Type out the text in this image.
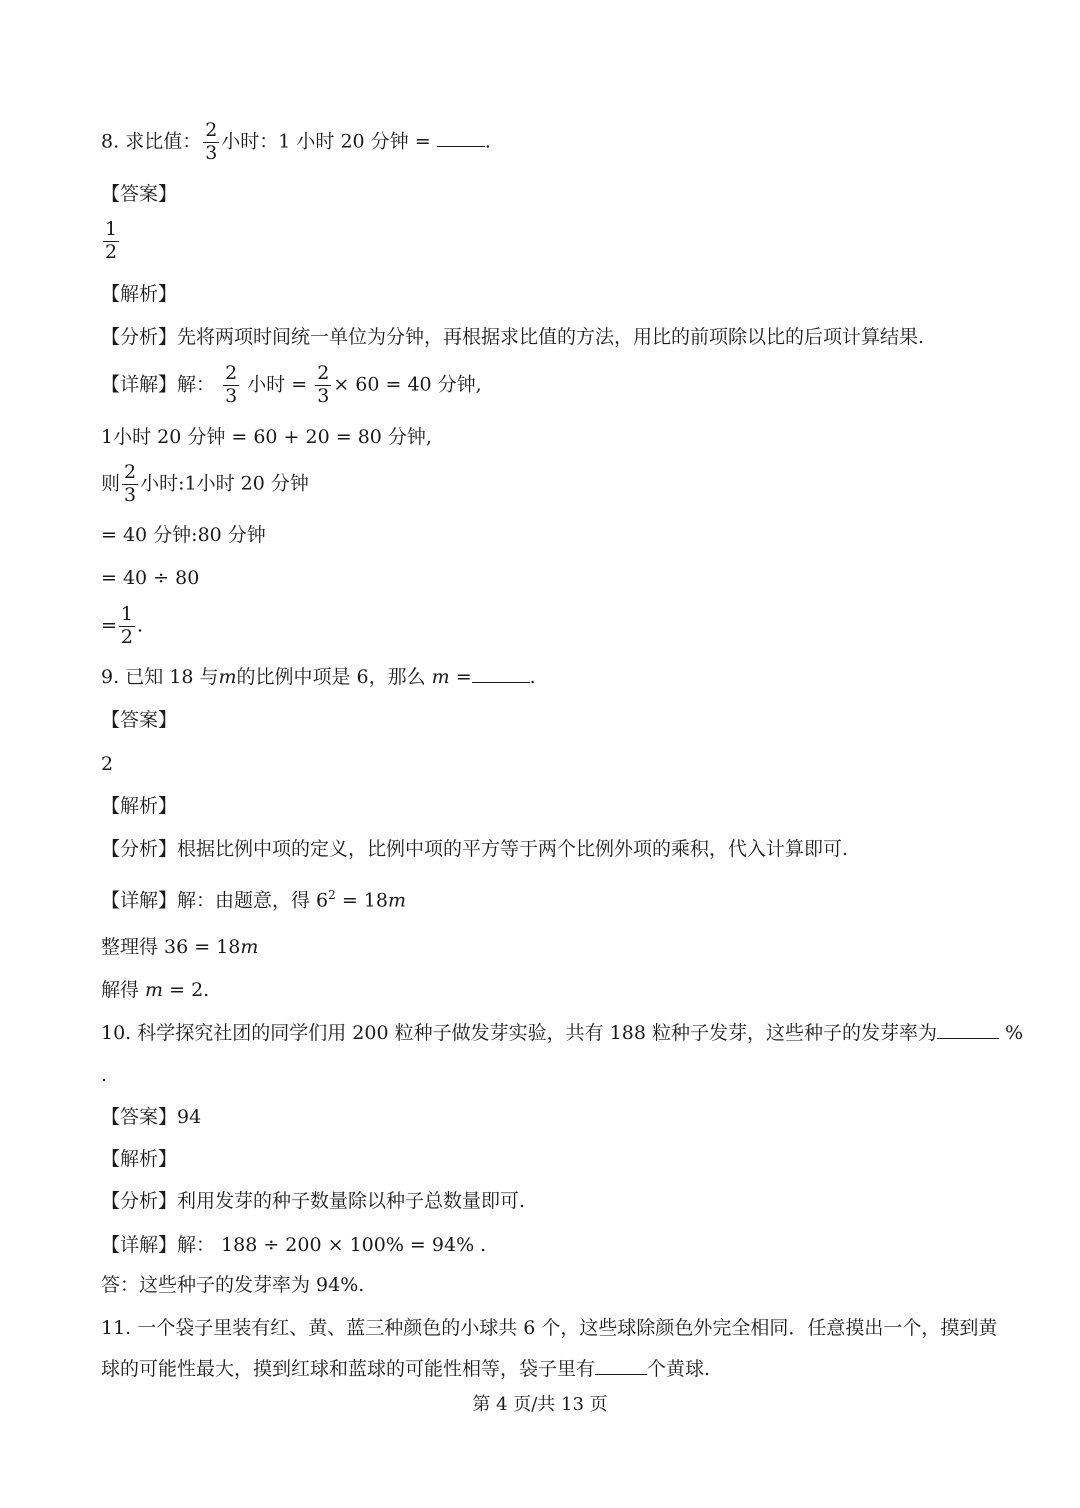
8. 求比值： $\frac{2}{3}$ 小时：1 小时 20 分钟 =	.
【答案】
$\frac{1}{2}$
【解析】
【分析】先将两项时间统一单位为分钟，再根据求比值的方法，用比的前项除以比的后项计算结果.
【详解】解： $\frac{2}{3}$ 小时 = $\frac{2}{3} \times 60 = 40$ 分钟,
1小时 20 分钟 = 60 + 20 = 80 分钟,
则 $\frac{2}{3}$ 小时:1小时 20 分钟
= 40 分钟:80 分钟
= 40 ÷ 80
= $\frac{1}{2}$ .
9. 已知 18 与m的比例中项是 6，那么 m =	.
【答案】
2
【解析】
【分析】根据比例中项的定义，比例中项的平方等于两个比例外项的乘积，代入计算即可.
【详解】解：由题意，得 $6^2 = 18m$
整理得 36 = 18m
解得 m = 2.
10. 科学探究社团的同学们用 200 粒种子做发芽实验，共有 188 粒种子发芽，这些种子的发芽率为	%
.
【答案】94
【解析】
【分析】利用发芽的种子数量除以种子总数量即可.
【详解】解： 188 ÷ 200 × 100% = 94% .
答：这些种子的发芽率为 94%.
11. 一个袋子里装有红、黄、蓝三种颜色的小球共 6 个，这些球除颜色外完全相同．任意摸出一个，摸到黄
球的可能性最大，摸到红球和蓝球的可能性相等，袋子里有	个黄球.
第 4 页/共 13 页
